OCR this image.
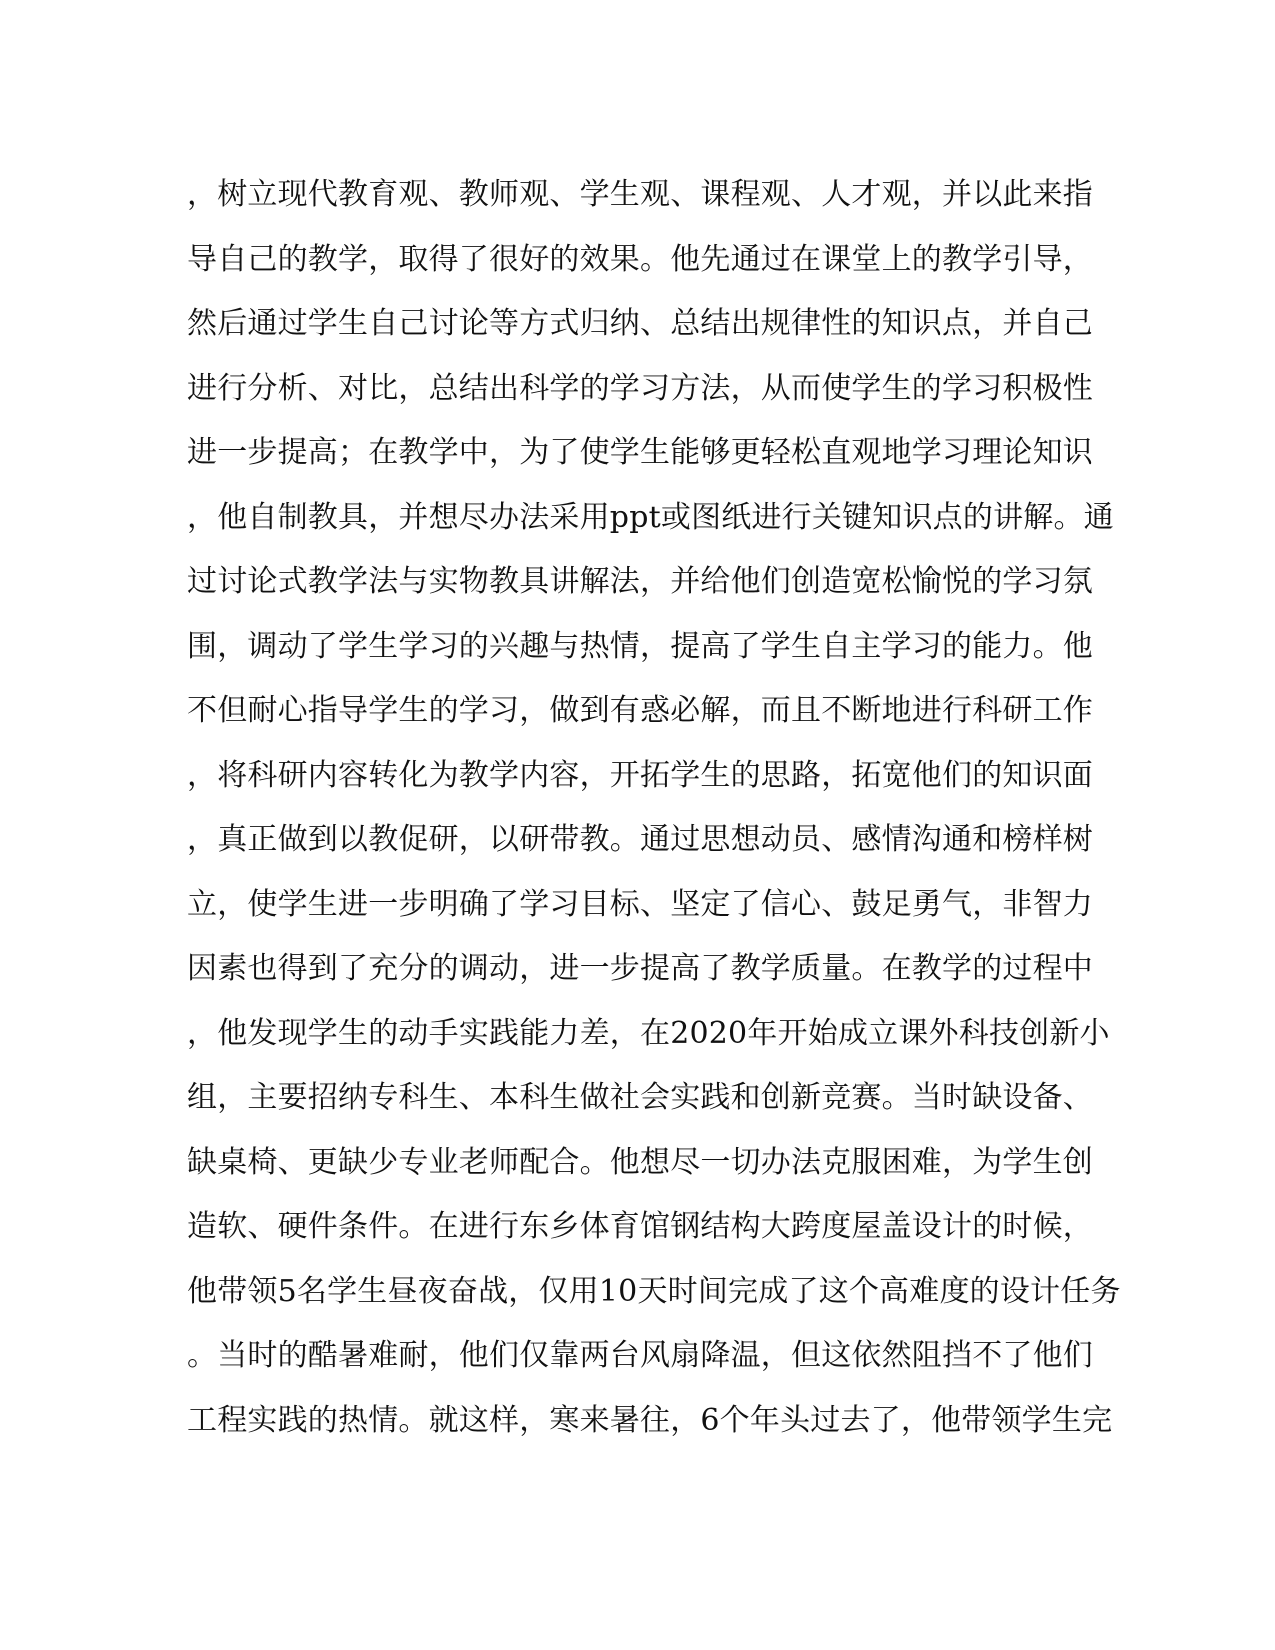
，树立现代教育观、教师观、学生观、课程观、人才观，并以此来指
导自己的教学，取得了很好的效果。他先通过在课堂上的教学引导，
然后通过学生自己讨论等方式归纳、总结出规律性的知识点，并自己
进行分析、对比，总结出科学的学习方法，从而使学生的学习积极性
进一步提高；在教学中，为了使学生能够更轻松直观地学习理论知识
，他自制教具，并想尽办法采用ppt或图纸进行关键知识点的讲解。通
过讨论式教学法与实物教具讲解法，并给他们创造宽松愉悦的学习氛
围，调动了学生学习的兴趣与热情，提高了学生自主学习的能力。他
不但耐心指导学生的学习，做到有惑必解，而且不断地进行科研工作
，将科研内容转化为教学内容，开拓学生的思路，拓宽他们的知识面
，真正做到以教促研，以研带教。通过思想动员、感情沟通和榜样树
立，使学生进一步明确了学习目标、坚定了信心、鼓足勇气，非智力
因素也得到了充分的调动，进一步提高了教学质量。在教学的过程中
，他发现学生的动手实践能力差，在2020年开始成立课外科技创新小
组，主要招纳专科生、本科生做社会实践和创新竞赛。当时缺设备、
缺桌椅、更缺少专业老师配合。他想尽一切办法克服困难，为学生创
造软、硬件条件。在进行东乡体育馆钢结构大跨度屋盖设计的时候，
他带领5名学生昼夜奋战，仅用10天时间完成了这个高难度的设计任务
。当时的酷暑难耐，他们仅靠两台风扇降温，但这依然阻挡不了他们
工程实践的热情。就这样，寒来暑往，6个年头过去了，他带领学生完
